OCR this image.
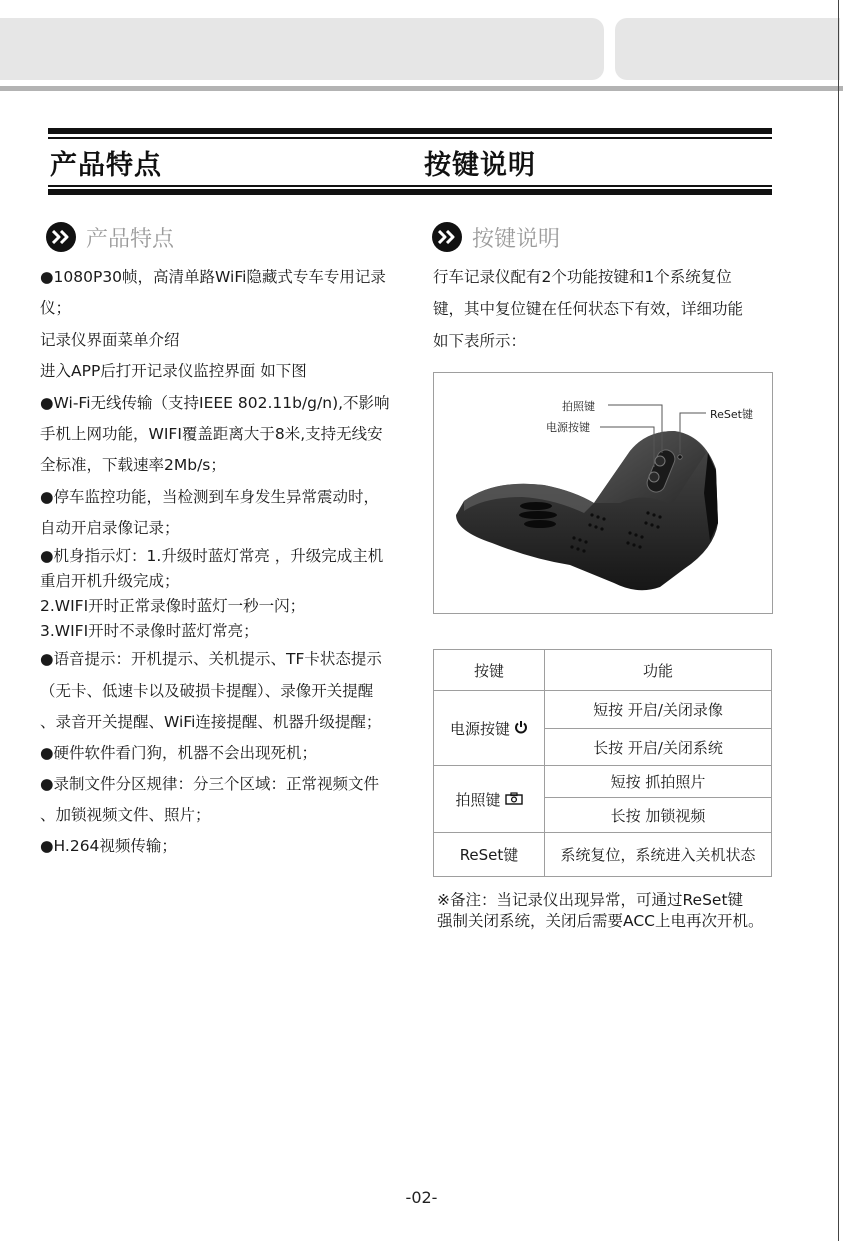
产品特点	按键说明
产品特点
●1080P30帧，高清单路WiFi隐藏式专车专用记录
仪；
记录仪界面菜单介绍
进入APP后打开记录仪监控界面 如下图
●Wi-Fi无线传输（支持IEEE 802.11b/g/n),不影响
手机上网功能，WIFI覆盖距离大于8米,支持无线安
全标准，下载速率2Mb/s；
●停车监控功能，当检测到车身发生异常震动时，
自动开启录像记录；
●机身指示灯：1.升级时蓝灯常亮 ，升级完成主机
重启开机升级完成；
2.WIFI开时正常录像时蓝灯一秒一闪；
3.WIFI开时不录像时蓝灯常亮；
●语音提示：开机提示、关机提示、TF卡状态提示
（无卡、低速卡以及破损卡提醒）、录像开关提醒
、录音开关提醒、WiFi连接提醒、机器升级提醒；
●硬件软件看门狗，机器不会出现死机；
●录制文件分区规律：分三个区域：正常视频文件
、加锁视频文件、照片；
●H.264视频传输；
按键说明
行车记录仪配有2个功能按键和1个系统复位
键，其中复位键在任何状态下有效，详细功能
如下表所示：
拍照键
电源按键
ReSet键
按键	功能
电源按键	短按 开启/关闭录像
	长按 开启/关闭系统
拍照键	短按 抓拍照片
	长按 加锁视频
ReSet键	系统复位，系统进入关机状态
※备注：当记录仪出现异常，可通过ReSet键
强制关闭系统，关闭后需要ACC上电再次开机。
-02-
